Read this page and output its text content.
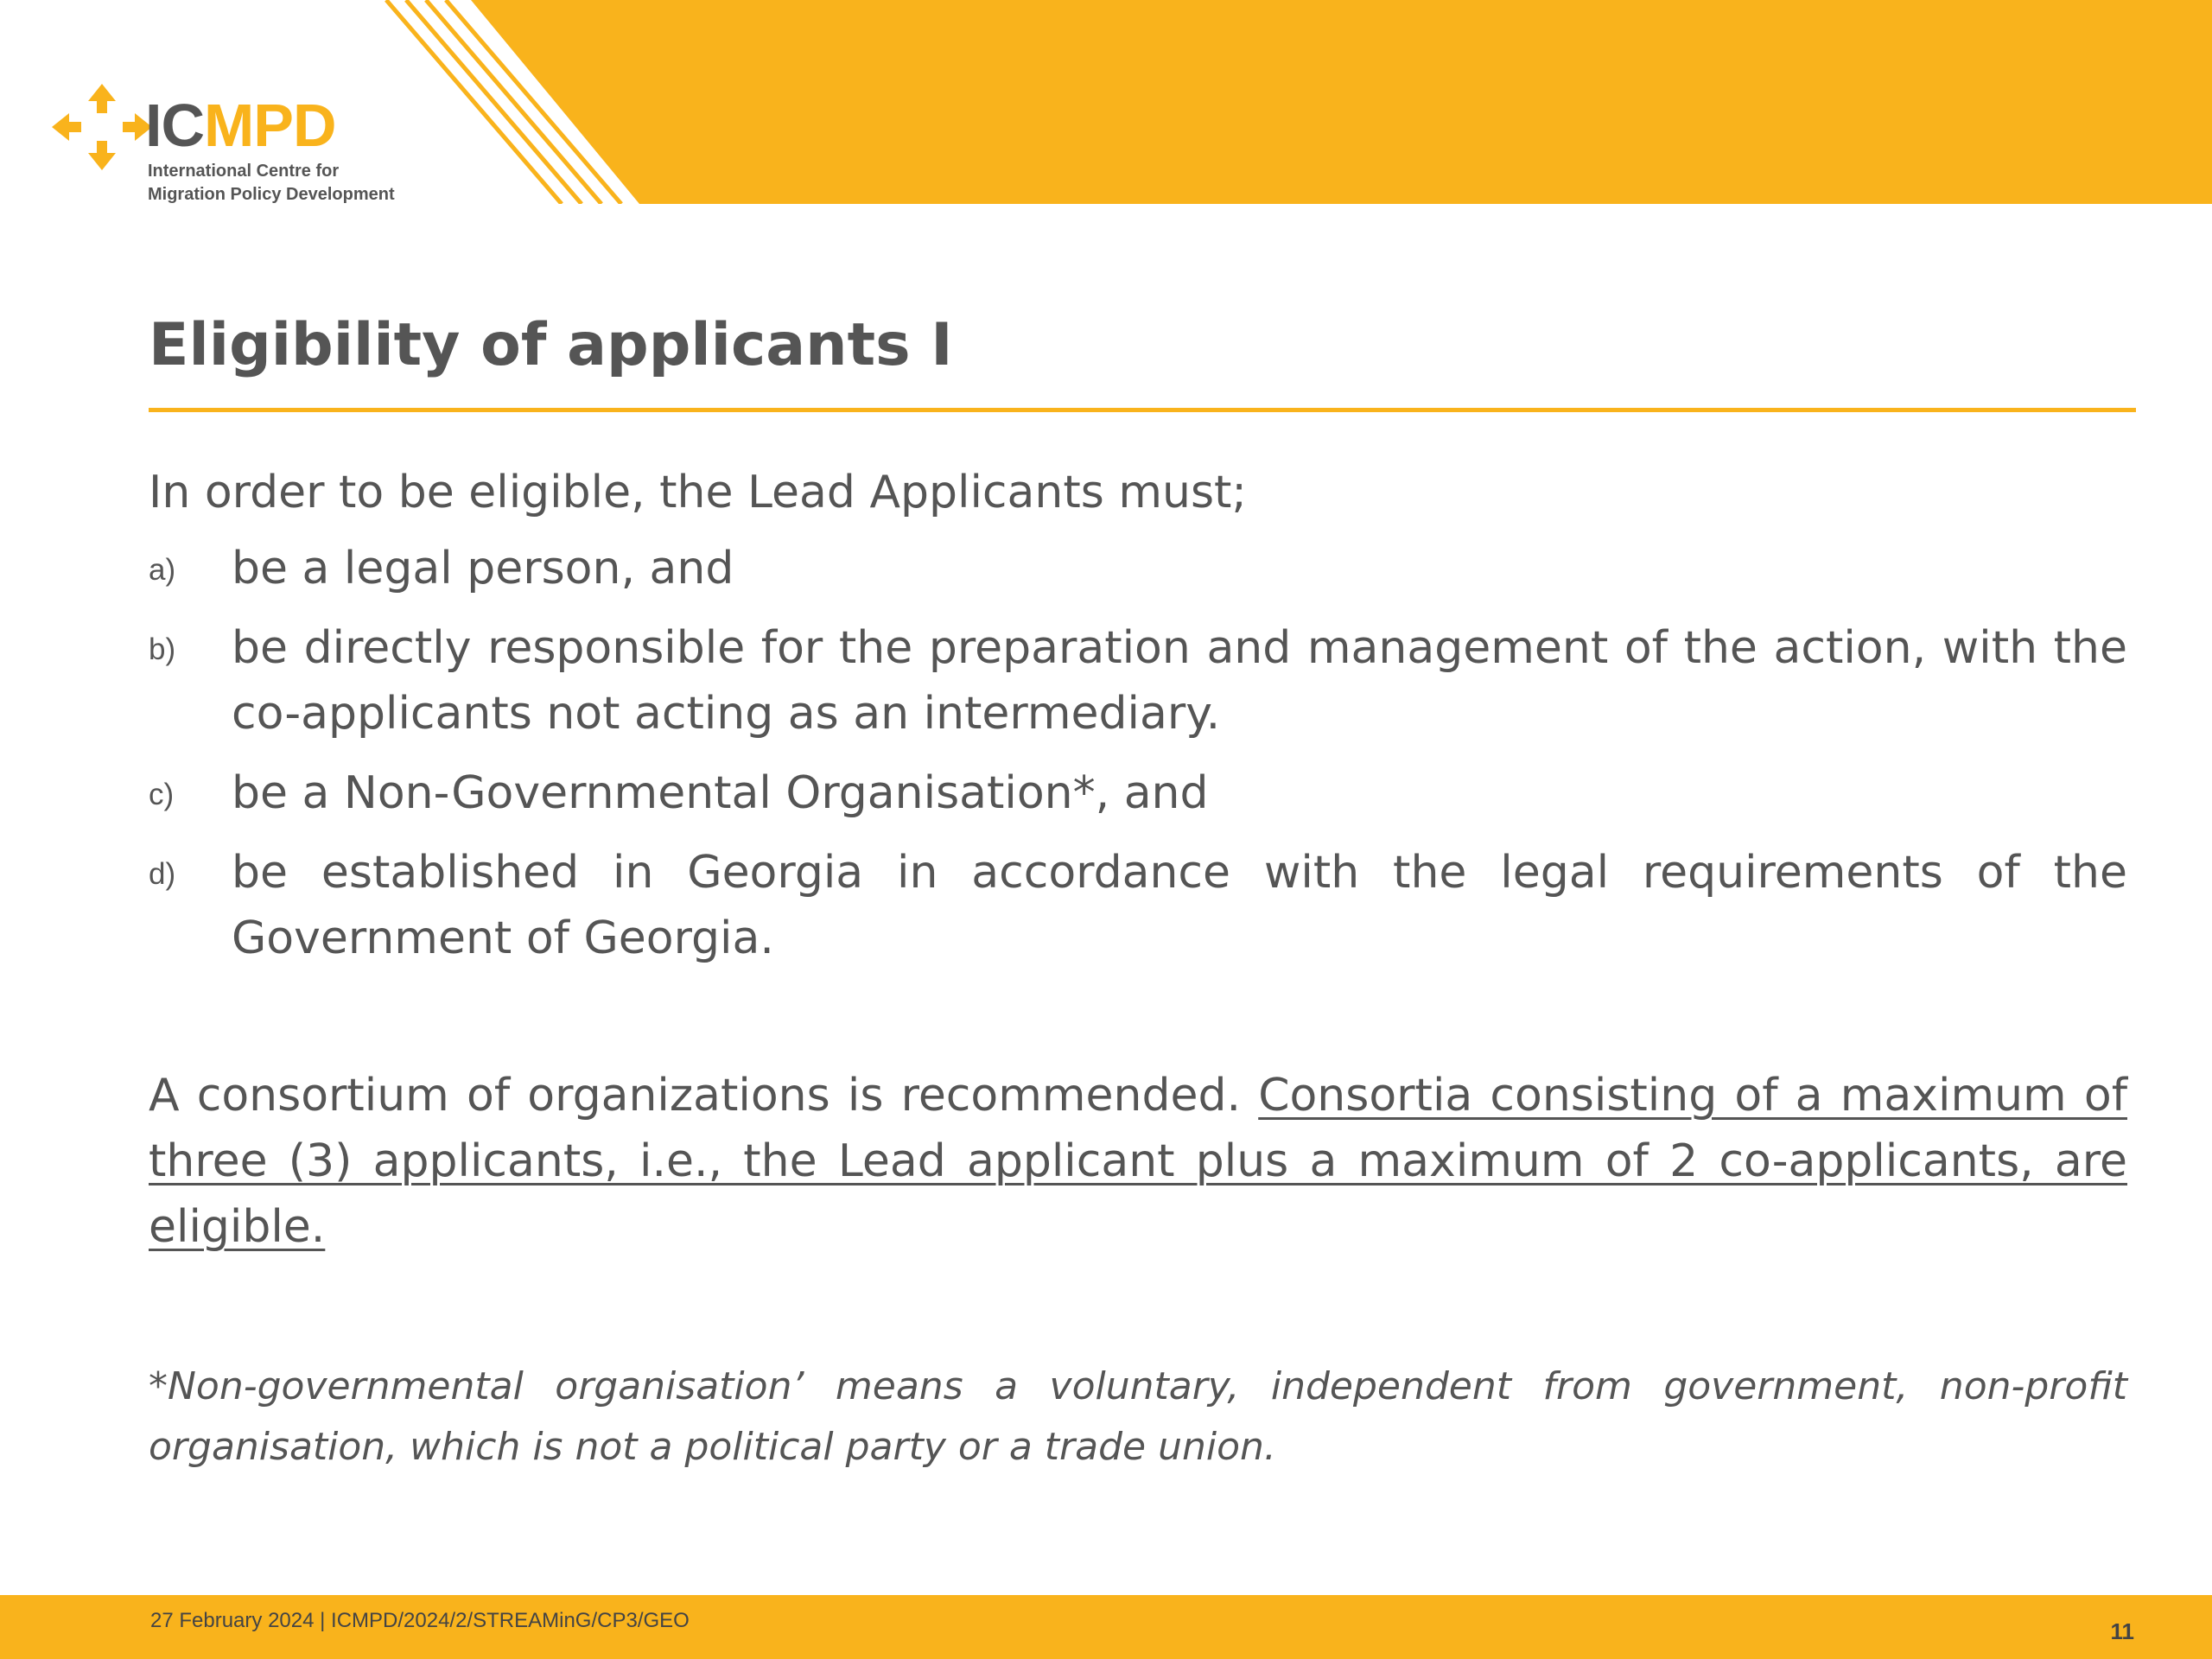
ICMPD
International Centre for
Migration Policy Development
Eligibility of applicants I
In order to be eligible, the Lead Applicants must;
a) be a legal person, and
b) be directly responsible for the preparation and management of the action, with the co-applicants not acting as an intermediary.
c) be a Non-Governmental Organisation*, and
d) be established in Georgia in accordance with the legal requirements of the Government of Georgia.

A consortium of organizations is recommended. Consortia consisting of a maximum of three (3) applicants, i.e., the Lead applicant plus a maximum of 2 co-applicants, are eligible.

*Non-governmental organisation’ means a voluntary, independent from government, non-profit organisation, which is not a political party or a trade union.

27 February 2024 | ICMPD/2024/2/STREAMinG/CP3/GEO	11
